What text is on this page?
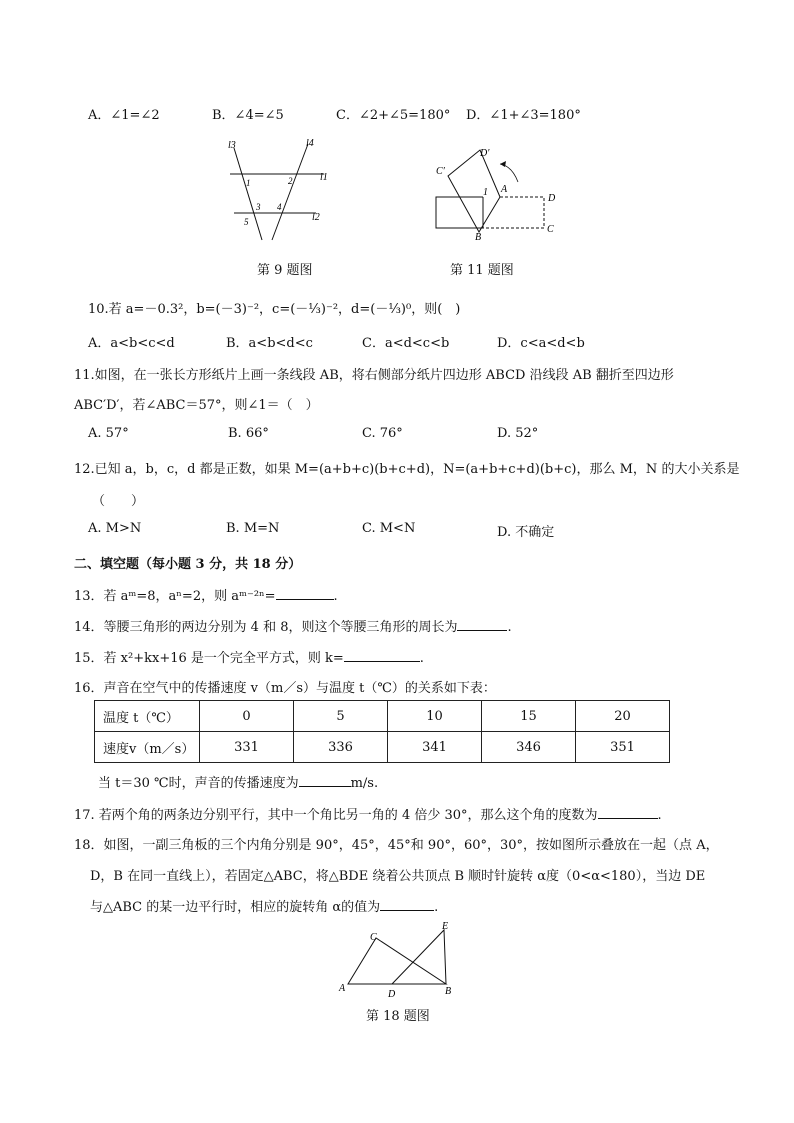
A．∠1=∠2	B．∠4=∠5	C．∠2+∠5=180° D．∠1+∠3=180°
l3	l4
l1
l2
1	2
3 4
5
第 9 题图
C′
D′
1 A
D
C
B
第 11 题图
10.若 a=－0.3²，b=(－3)⁻²，c=(－⅓)⁻²，d=(－⅓)⁰，则(　)
A．a<b<c<d	B．a<b<d<c	C．a<d<c<b	D．c<a<d<b
11.如图，在一张长方形纸片上画一条线段 AB，将右侧部分纸片四边形 ABCD 沿线段 AB 翻折至四边形
ABC′D′，若∠ABC＝57°，则∠1＝（　）
A. 57°	B. 66°	C. 76°	D. 52°
12.已知 a，b，c，d 都是正数，如果 M=(a+b+c)(b+c+d)，N=(a+b+c+d)(b+c)，那么 M，N 的大小关系是
（　　）
A. M>N	B. M=N	C. M<N	D. 不确定
二、填空题（每小题 3 分，共 18 分）
13．若 aᵐ=8，aⁿ=2，则 aᵐ⁻²ⁿ=	.
14．等腰三角形的两边分别为 4 和 8，则这个等腰三角形的周长为	.
15．若 x²+kx+16 是一个完全平方式，则 k=	.
16．声音在空气中的传播速度 v（m／s）与温度 t（℃）的关系如下表：
温度 t（℃）	0	5	10	15	20
速度v（m／s）	331	336	341	346	351
当 t＝30 ℃时，声音的传播速度为	m/s.
17. 若两个角的两条边分别平行，其中一个角比另一角的 4 倍少 30°，那么这个角的度数为	.
18．如图，一副三角板的三个内角分别是 90°，45°，45°和 90°，60°，30°，按如图所示叠放在一起（点 A，
D，B 在同一直线上），若固定△ABC，将△BDE 绕着公共顶点 B 顺时针旋转 α度（0<α<180），当边 DE
与△ABC 的某一边平行时，相应的旋转角 α的值为	.
C
E
A
D	B
第 18 题图
